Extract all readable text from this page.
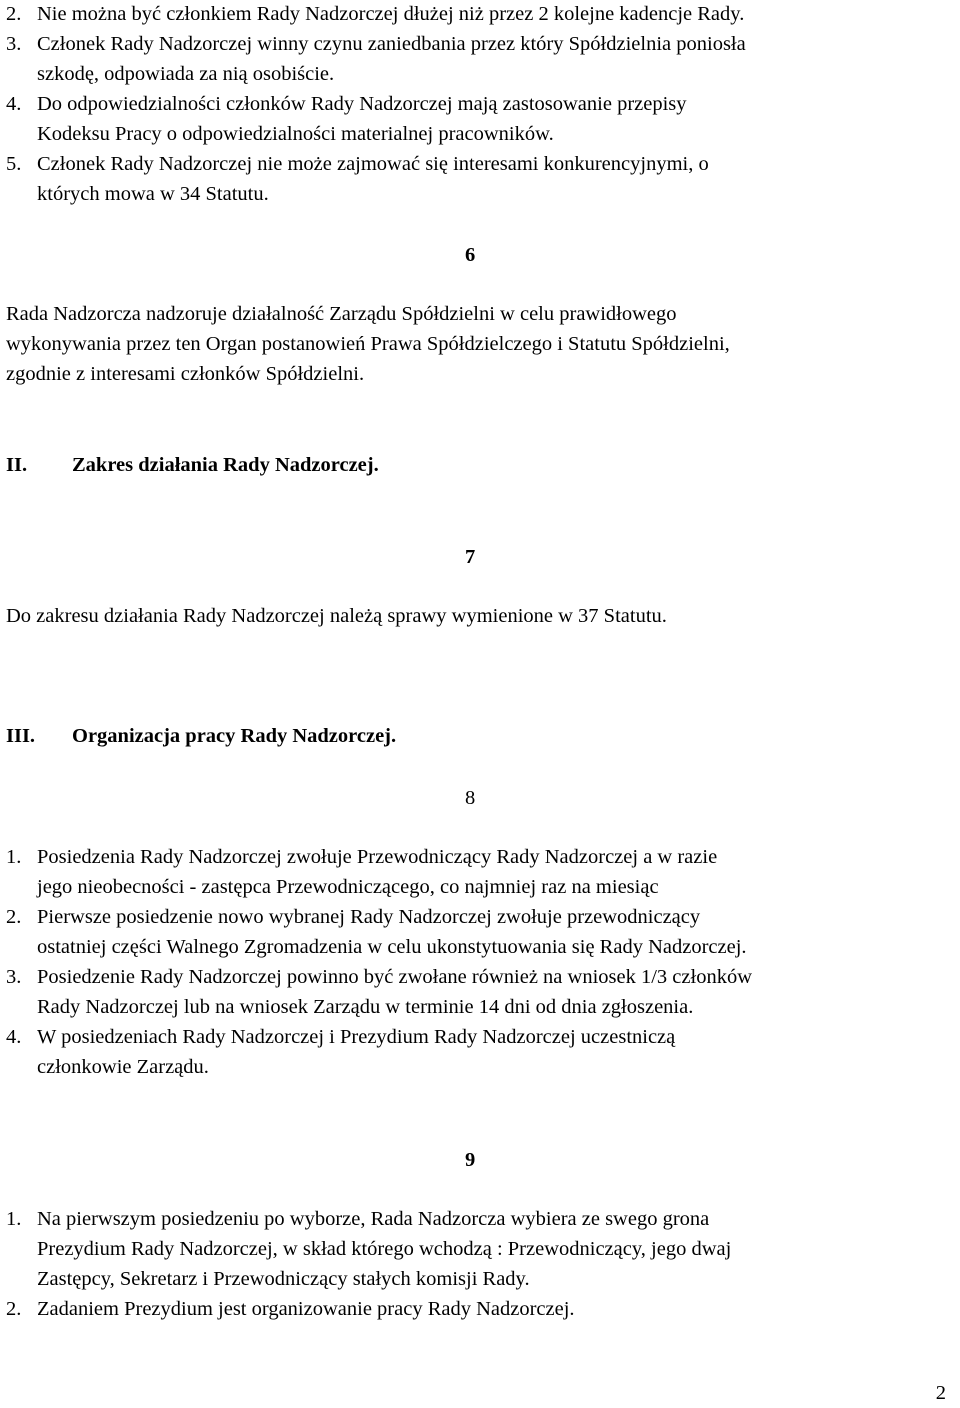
2. Nie można być członkiem Rady Nadzorczej dłużej niż przez 2 kolejne kadencje Rady.
3. Członek Rady Nadzorczej winny czynu zaniedbania przez który Spółdzielnia poniosła
szkodę, odpowiada za nią osobiście.
4. Do odpowiedzialności członków Rady Nadzorczej mają zastosowanie przepisy
Kodeksu Pracy o odpowiedzialności materialnej pracowników.
5. Członek Rady Nadzorczej nie może zajmować się interesami konkurencyjnymi, o
których mowa w 34 Statutu.
6
Rada Nadzorcza nadzoruje działalność Zarządu Spółdzielni w celu prawidłowego
wykonywania przez ten Organ postanowień Prawa Spółdzielczego i Statutu Spółdzielni,
zgodnie z interesami członków Spółdzielni.
II. Zakres działania Rady Nadzorczej.
7
Do zakresu działania Rady Nadzorczej należą sprawy wymienione w 37 Statutu.
III. Organizacja pracy Rady Nadzorczej.
8
1. Posiedzenia Rady Nadzorczej zwołuje Przewodniczący Rady Nadzorczej a w razie
jego nieobecności - zastępca Przewodniczącego, co najmniej raz na miesiąc
2. Pierwsze posiedzenie nowo wybranej Rady Nadzorczej zwołuje przewodniczący
ostatniej części Walnego Zgromadzenia w celu ukonstytuowania się Rady Nadzorczej.
3. Posiedzenie Rady Nadzorczej powinno być zwołane również na wniosek 1/3 członków
Rady Nadzorczej lub na wniosek Zarządu w terminie 14 dni od dnia zgłoszenia.
4. W posiedzeniach Rady Nadzorczej i Prezydium Rady Nadzorczej uczestniczą
członkowie Zarządu.
9
1. Na pierwszym posiedzeniu po wyborze, Rada Nadzorcza wybiera ze swego grona
Prezydium Rady Nadzorczej, w skład którego wchodzą : Przewodniczący, jego dwaj
Zastępcy, Sekretarz i Przewodniczący stałych komisji Rady.
2. Zadaniem Prezydium jest organizowanie pracy Rady Nadzorczej.
2
